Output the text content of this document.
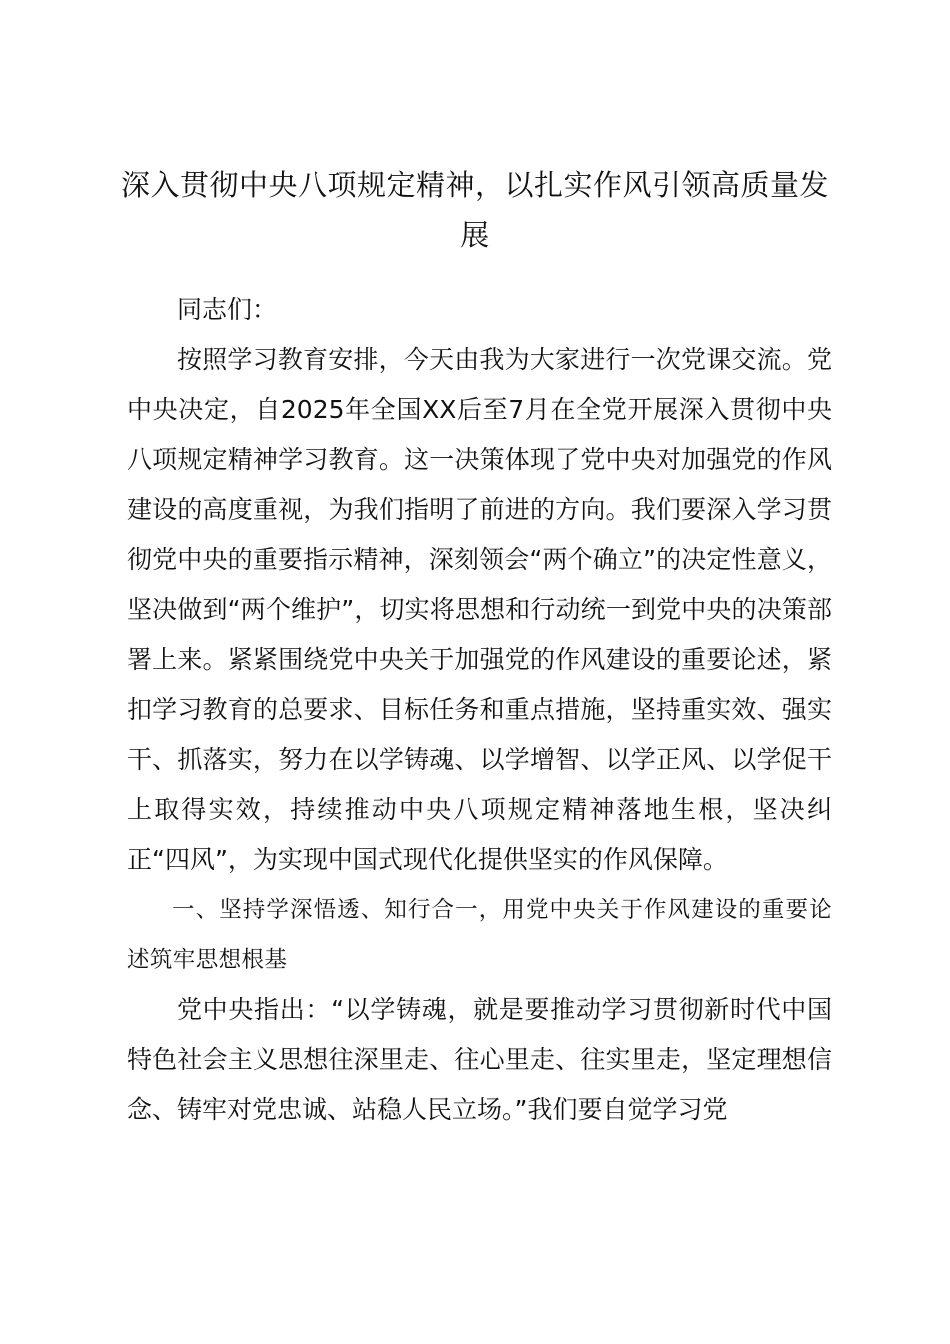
深入贯彻中央八项规定精神，以扎实作风引领高质量发展

同志们：

按照学习教育安排，今天由我为大家进行一次党课交流。党中央决定，自2025年全国XX后至7月在全党开展深入贯彻中央八项规定精神学习教育。这一决策体现了党中央对加强党的作风建设的高度重视，为我们指明了前进的方向。我们要深入学习贯彻党中央的重要指示精神，深刻领会“两个确立”的决定性意义，坚决做到“两个维护”，切实将思想和行动统一到党中央的决策部署上来。紧紧围绕党中央关于加强党的作风建设的重要论述，紧扣学习教育的总要求、目标任务和重点措施，坚持重实效、强实干、抓落实，努力在以学铸魂、以学增智、以学正风、以学促干上取得实效，持续推动中央八项规定精神落地生根，坚决纠正“四风”，为实现中国式现代化提供坚实的作风保障。

一、坚持学深悟透、知行合一，用党中央关于作风建设的重要论述筑牢思想根基

党中央指出：“以学铸魂，就是要推动学习贯彻新时代中国特色社会主义思想往深里走、往心里走、往实里走，坚定理想信念、铸牢对党忠诚、站稳人民立场。”我们要自觉学习党
